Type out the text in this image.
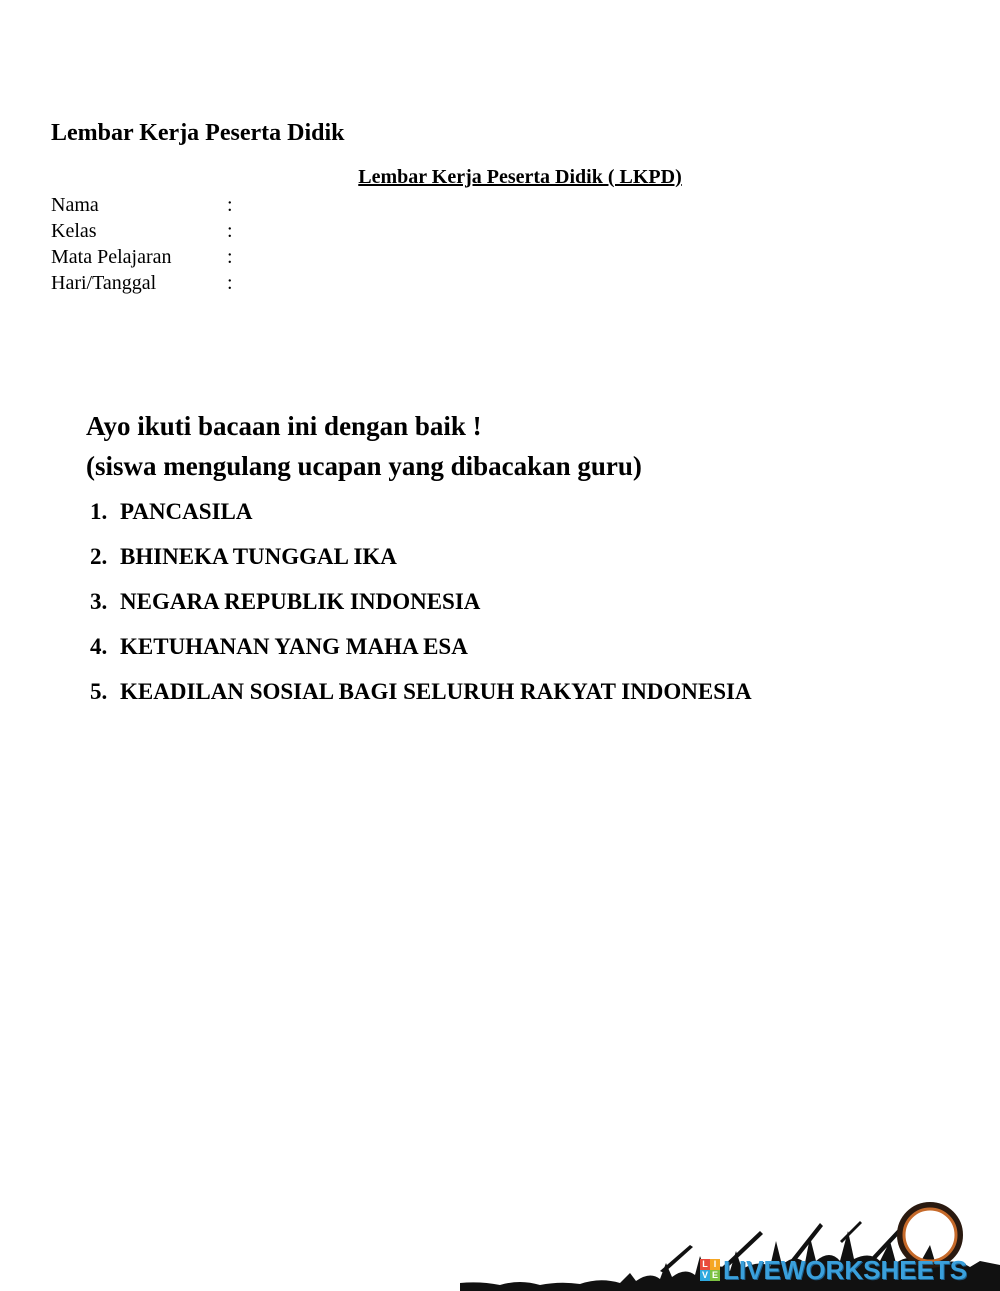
Lembar Kerja Peserta Didik
Lembar Kerja Peserta Didik ( LKPD)
Nama	:
Kelas	:
Mata Pelajaran	:
Hari/Tanggal	:
Ayo ikuti bacaan ini dengan baik !
(siswa mengulang ucapan yang dibacakan guru)
1. PANCASILA
2. BHINEKA TUNGGAL IKA
3. NEGARA REPUBLIK INDONESIA
4. KETUHANAN YANG MAHA ESA
5. KEADILAN SOSIAL BAGI SELURUH RAKYAT INDONESIA
L I
V E LIVEWORKSHEETS
